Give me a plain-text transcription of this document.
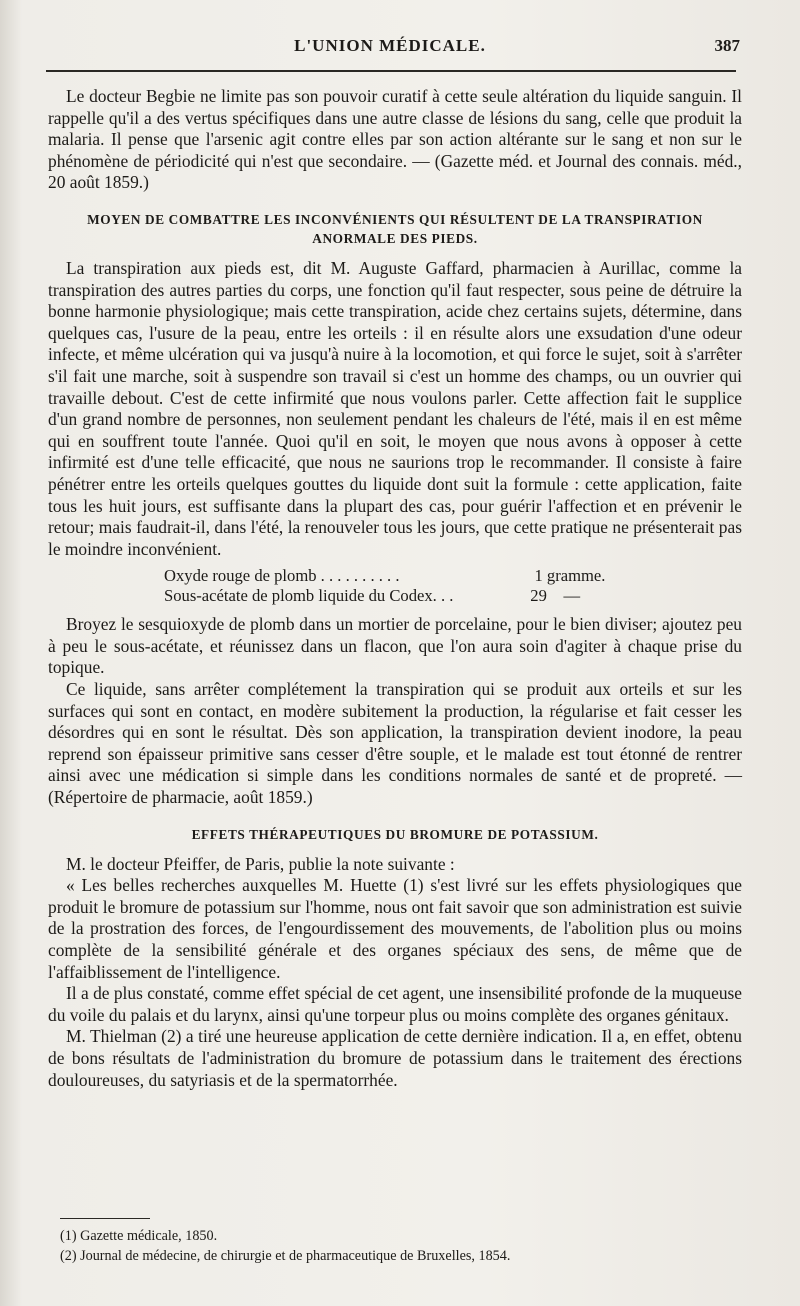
L'UNION MÉDICALE.	387

Le docteur Begbie ne limite pas son pouvoir curatif à cette seule altération du liquide sanguin. Il rappelle qu'il a des vertus spécifiques dans une autre classe de lésions du sang, celle que produit la malaria. Il pense que l'arsenic agit contre elles par son action altérante sur le sang et non sur le phénomène de périodicité qui n'est que secondaire. — (Gazette méd. et Journal des connais. méd., 20 août 1859.)

MOYEN DE COMBATTRE LES INCONVÉNIENTS QUI RÉSULTENT DE LA TRANSPIRATION ANORMALE DES PIEDS.

La transpiration aux pieds est, dit M. Auguste Gaffard, pharmacien à Aurillac, comme la transpiration des autres parties du corps, une fonction qu'il faut respecter, sous peine de détruire la bonne harmonie physiologique; mais cette transpiration, acide chez certains sujets, détermine, dans quelques cas, l'usure de la peau, entre les orteils : il en résulte alors une exsudation d'une odeur infecte, et même ulcération qui va jusqu'à nuire à la locomotion, et qui force le sujet, soit à s'arrêter s'il fait une marche, soit à suspendre son travail si c'est un homme des champs, ou un ouvrier qui travaille debout. C'est de cette infirmité que nous voulons parler. Cette affection fait le supplice d'un grand nombre de personnes, non seulement pendant les chaleurs de l'été, mais il en est même qui en souffrent toute l'année. Quoi qu'il en soit, le moyen que nous avons à opposer à cette infirmité est d'une telle efficacité, que nous ne saurions trop le recommander. Il consiste à faire pénétrer entre les orteils quelques gouttes du liquide dont suit la formule : cette application, faite tous les huit jours, est suffisante dans la plupart des cas, pour guérir l'affection et en prévenir le retour; mais faudrait-il, dans l'été, la renouveler tous les jours, que cette pratique ne présenterait pas le moindre inconvénient.

Oxyde rouge de plomb . . . . . . . . . .	1 gramme.
Sous-acétate de plomb liquide du Codex. . .	29    —

Broyez le sesquioxyde de plomb dans un mortier de porcelaine, pour le bien diviser; ajoutez peu à peu le sous-acétate, et réunissez dans un flacon, que l'on aura soin d'agiter à chaque prise du topique.

Ce liquide, sans arrêter complétement la transpiration qui se produit aux orteils et sur les surfaces qui sont en contact, en modère subitement la production, la régularise et fait cesser les désordres qui en sont le résultat. Dès son application, la transpiration devient inodore, la peau reprend son épaisseur primitive sans cesser d'être souple, et le malade est tout étonné de rentrer ainsi avec une médication si simple dans les conditions normales de santé et de propreté. — (Répertoire de pharmacie, août 1859.)

EFFETS THÉRAPEUTIQUES DU BROMURE DE POTASSIUM.

M. le docteur Pfeiffer, de Paris, publie la note suivante :

« Les belles recherches auxquelles M. Huette (1) s'est livré sur les effets physiologiques que produit le bromure de potassium sur l'homme, nous ont fait savoir que son administration est suivie de la prostration des forces, de l'engourdissement des mouvements, de l'abolition plus ou moins complète de la sensibilité générale et des organes spéciaux des sens, de même que de l'affaiblissement de l'intelligence.

Il a de plus constaté, comme effet spécial de cet agent, une insensibilité profonde de la muqueuse du voile du palais et du larynx, ainsi qu'une torpeur plus ou moins complète des organes génitaux.

M. Thielman (2) a tiré une heureuse application de cette dernière indication. Il a, en effet, obtenu de bons résultats de l'administration du bromure de potassium dans le traitement des érections douloureuses, du satyriasis et de la spermatorrhée.

(1) Gazette médicale, 1850.
(2) Journal de médecine, de chirurgie et de pharmaceutique de Bruxelles, 1854.
